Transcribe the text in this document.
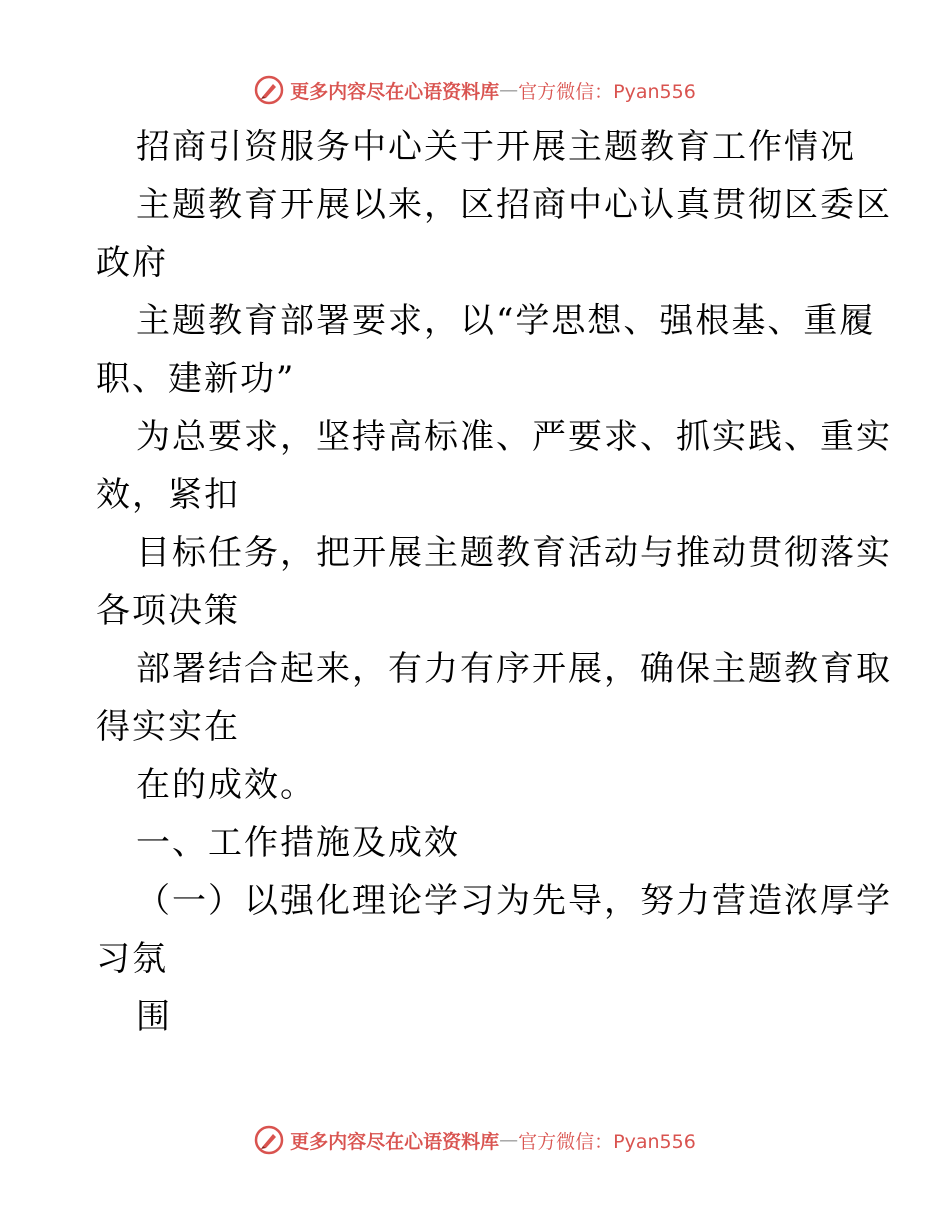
更多内容尽在心语资料库 — 官方微信：Pyan556
招商引资服务中心关于开展主题教育工作情况
主题教育开展以来，区招商中心认真贯彻区委区
政府
主题教育部署要求，以“学思想、强根基、重履
职、建新功”
为总要求，坚持高标准、严要求、抓实践、重实
效，紧扣
目标任务，把开展主题教育活动与推动贯彻落实
各项决策
部署结合起来，有力有序开展，确保主题教育取
得实实在
在的成效。
一、工作措施及成效
（一）以强化理论学习为先导，努力营造浓厚学
习氛
围
更多内容尽在心语资料库 — 官方微信：Pyan556
